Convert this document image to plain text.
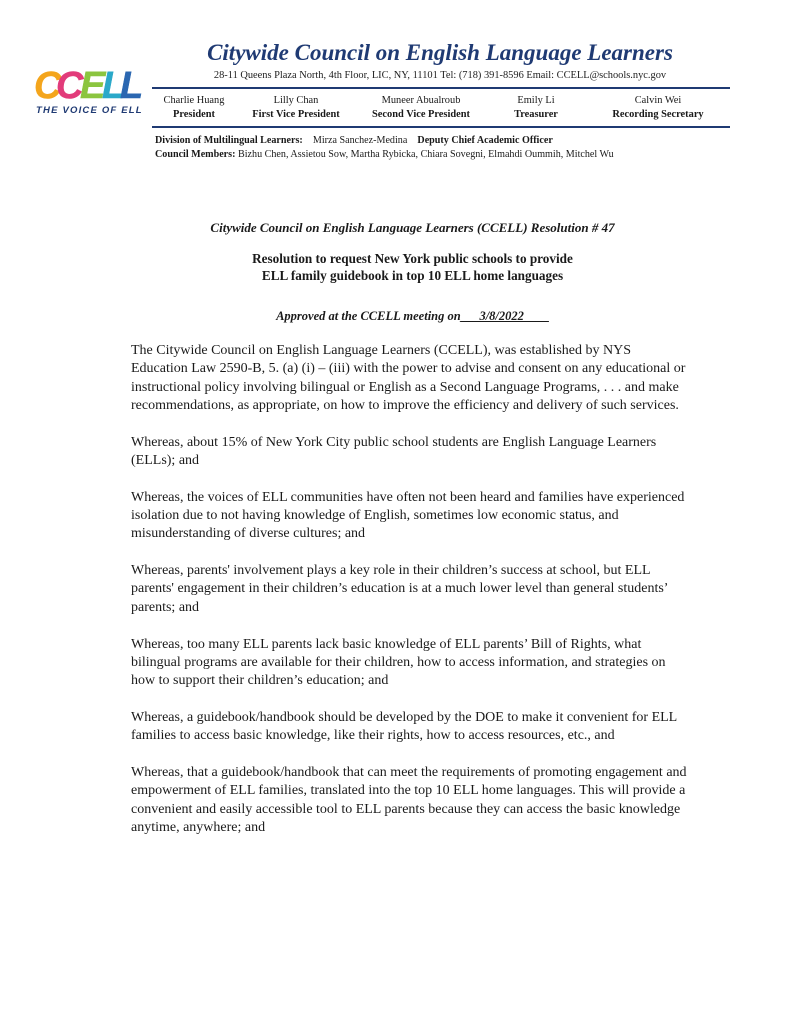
C
C
E
L
L
THE VOICE OF ELL
Citywide Council on English Language Learners
28-11 Queens Plaza North, 4th Floor, LIC, NY, 11101 Tel: (718) 391-8596 Email: CCELL@schools.nyc.gov
Charlie Huang
President
Lilly Chan
First Vice President
Muneer Abualroub
Second Vice President
Emily Li
Treasurer
Calvin Wei
Recording Secretary
Division of Multilingual Learners: Mirza Sanchez-Medina Deputy Chief Academic Officer
Council Members: Bizhu Chen, Assietou Sow, Martha Rybicka, Chiara Sovegni, Elmahdi Oummih, Mitchel Wu
Citywide Council on English Language Learners (CCELL) Resolution # 47
Resolution to request New York public schools to provide
ELL family guidebook in top 10 ELL home languages
Approved at the CCELL meeting on___3/8/2022____

The Citywide Council on English Language Learners (CCELL), was established by NYS Education Law 2590-B, 5. (a) (i) – (iii) with the power to advise and consent on any educational or instructional policy involving bilingual or English as a Second Language Programs, . . . and make recommendations, as appropriate, on how to improve the efficiency and delivery of such services.

Whereas, about 15% of New York City public school students are English Language Learners (ELLs); and

Whereas, the voices of ELL communities have often not been heard and families have experienced isolation due to not having knowledge of English, sometimes low economic status, and misunderstanding of diverse cultures; and

Whereas, parents' involvement plays a key role in their children’s success at school, but ELL parents' engagement in their children’s education is at a much lower level than general students’ parents; and

Whereas, too many ELL parents lack basic knowledge of ELL parents’ Bill of Rights, what bilingual programs are available for their children, how to access information, and strategies on how to support their children’s education; and

Whereas, a guidebook/handbook should be developed by the DOE to make it convenient for ELL families to access basic knowledge, like their rights, how to access resources, etc., and

Whereas, that a guidebook/handbook that can meet the requirements of promoting engagement and empowerment of ELL families, translated into the top 10 ELL home languages. This will provide a convenient and easily accessible tool to ELL parents because they can access the basic knowledge anytime, anywhere; and
